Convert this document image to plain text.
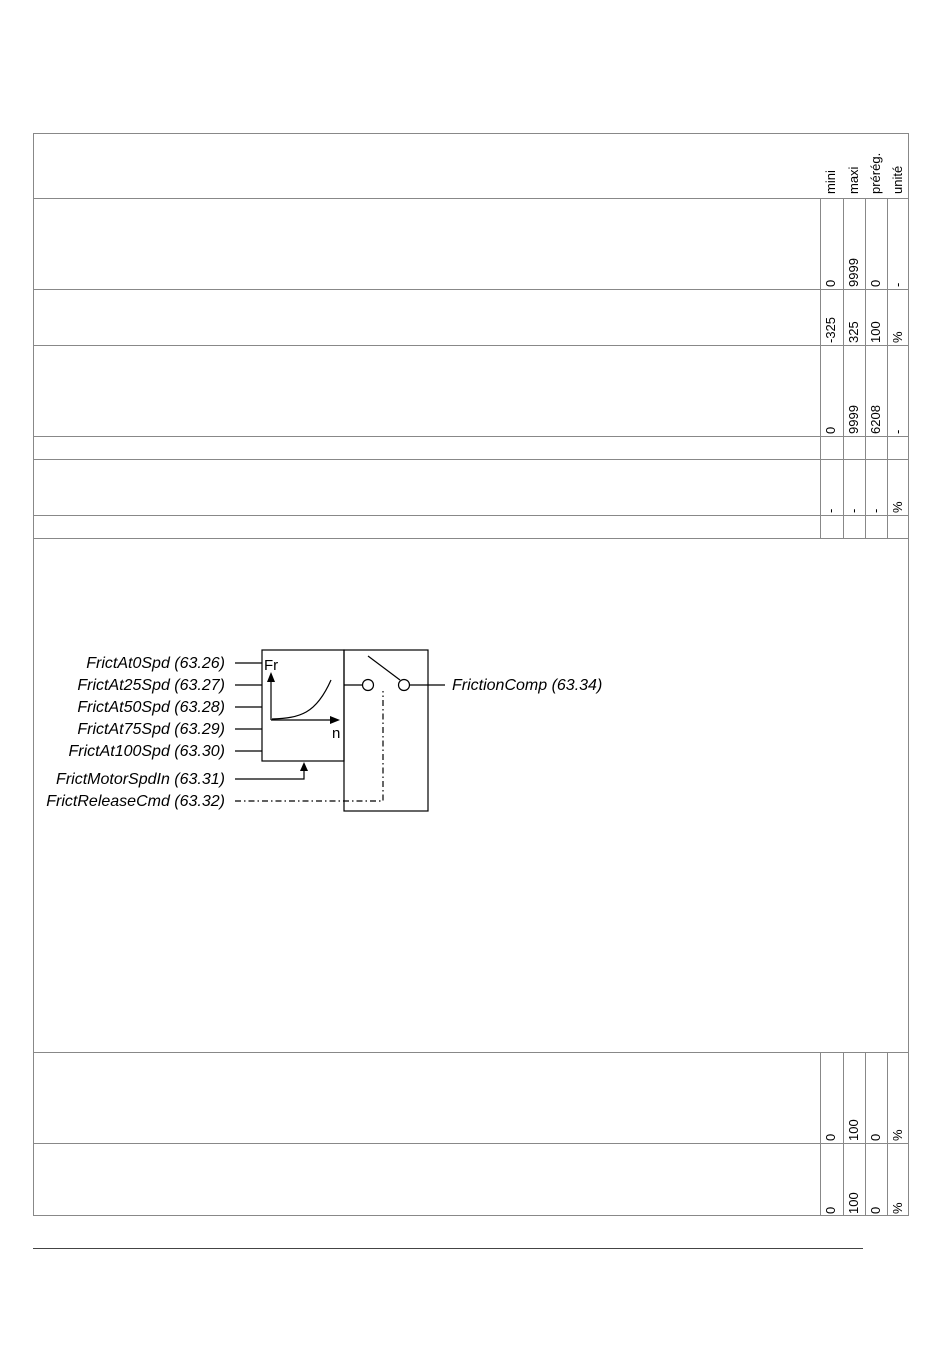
mini maxi prérég. unité
0 9999 0 -
-325 325 100 %
0 9999 6208 -
- - - %
0 100 0 %
0 100 0 %
FrictAt0Spd (63.26)
FrictAt25Spd (63.27)
FrictAt50Spd (63.28)
FrictAt75Spd (63.29)
FrictAt100Spd (63.30)
FrictMotorSpdIn (63.31)
FrictReleaseCmd (63.32)
FrictionComp (63.34)
Fr
n
